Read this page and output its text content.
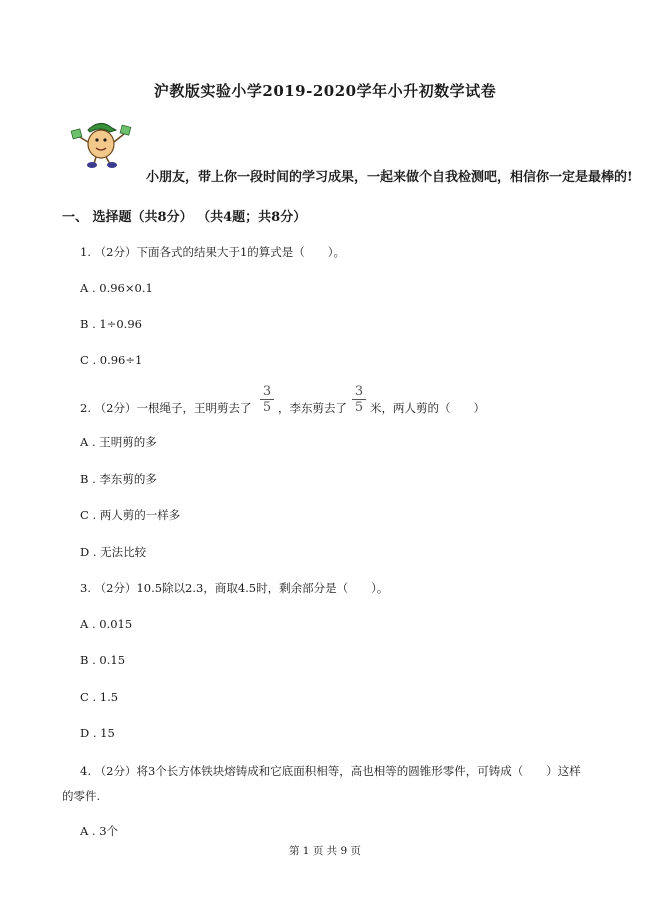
沪教版实验小学2019-2020学年小升初数学试卷
小朋友，带上你一段时间的学习成果，一起来做个自我检测吧，相信你一定是最棒的!
一、 选择题（共8分） （共4题；共8分）
1. （2分）下面各式的结果大于1的算式是（　　）。
A . 0.96×0.1
B . 1÷0.96
C . 0.96÷1
2. （2分）一根绳子，王明剪去了 $\frac{3}{5}$ ，李东剪去了 $\frac{3}{5}$ 米，两人剪的（　　）
A . 王明剪的多
B . 李东剪的多
C . 两人剪的一样多
D . 无法比较
3. （2分）10.5除以2.3，商取4.5时，剩余部分是（　　）。
A . 0.015
B . 0.15
C . 1.5
D . 15
4. （2分）将3个长方体铁块熔铸成和它底面积相等，高也相等的圆锥形零件，可铸成（　　）这样
的零件.
A . 3个
第 1 页 共 9 页
